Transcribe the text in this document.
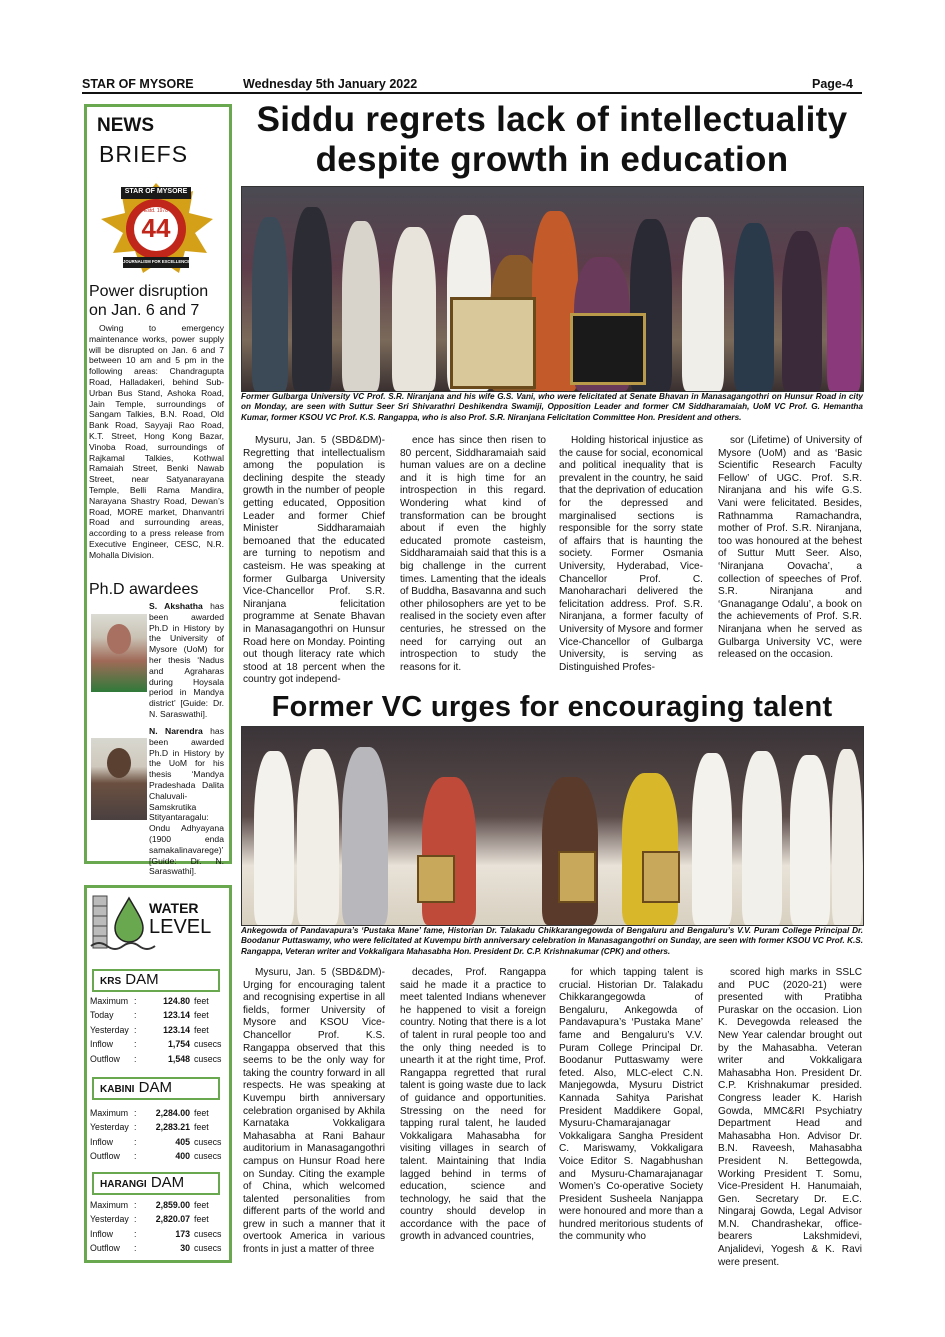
STAR OF MYSORE	Wednesday 5th January 2022	Page-4
NEWS
BRIEFS
STAR OF MYSORE
Estd. 1978
44
JOURNALISM FOR EXCELLENCE
Power disruption
on Jan. 6 and 7
Owing to emergency maintenance works, power supply will be disrupted on Jan. 6 and 7 between 10 am and 5 pm in the following areas: Chandragupta Road, Halladakeri, behind Sub-Urban Bus Stand, Ashoka Road, Jain Temple, surroundings of Sangam Talkies, B.N. Road, Old Bank Road, Sayyaji Rao Road, K.T. Street, Hong Kong Bazar, Vinoba Road, surroundings of Rajkamal Talkies, Kothwal Ramaiah Street, Benki Nawab Street, near Satyanarayana Temple, Belli Rama Mandira, Narayana Shastry Road, Dewan’s Road, MORE market, Dhanvantri Road and surrounding areas, according to a press release from Executive Engineer, CESC, N.R. Mohalla Division.
Ph.D awardees
S. Akshatha has been awarded Ph.D in History by the University of Mysore (UoM) for her thesis ‘Nadus and Agraharas during Hoysala period in Mandya district’ [Guide: Dr. N. Saraswathi].
N. Narendra has been awarded Ph.D in History by the UoM for his thesis ‘Mandya Pradeshada Dalita Chaluvali-Samskrutika Stityantaragalu: Ondu Adhyayana (1900 enda samakalinavarege)’ [Guide: Dr. N. Saraswathi].
WATER
LEVEL
KRS DAM
Maximum :	124.80 feet
Today	:	123.14 feet
Yesterday :	123.14 feet
Inflow	:	1,754 cusecs
Outflow	:	1,548 cusecs
KABINI DAM
Maximum :	2,284.00 feet
Yesterday :	2,283.21 feet
Inflow	:	405 cusecs
Outflow	:	400 cusecs
HARANGI DAM
Maximum :	2,859.00 feet
Yesterday :	2,820.07 feet
Inflow	:	173 cusecs
Outflow	:	30 cusecs
Siddu regrets lack of intellectuality
despite growth in education
Former Gulbarga University VC Prof. S.R. Niranjana and his wife G.S. Vani, who were felicitated at Senate Bhavan in Manasagangothri on Hunsur Road in city on Monday, are seen with Suttur Seer Sri Shivarathri Deshikendra Swamiji, Opposition Leader and former CM Siddharamaiah, UoM VC Prof. G. Hemantha Kumar, former KSOU VC Prof. K.S. Rangappa, who is also Prof. S.R. Niranjana Felicitation Committee Hon. President and others.

Mysuru, Jan. 5 (SBD&DM)- Regretting that intellectualism among the population is declining despite the steady growth in the number of people getting educated, Opposition Leader and former Chief Minister Siddharamaiah bemoaned that the educated are turning to nepotism and casteism. He was speaking at former Gulbarga University Vice-Chancellor Prof. S.R. Niranjana felicitation programme at Senate Bhavan in Manasagangothri on Hunsur Road here on Monday. Pointing out though literacy rate which stood at 18 percent when the country got independ-

ence has since then risen to 80 percent, Siddharamaiah said human values are on a decline and it is high time for an introspection in this regard. Wondering what kind of transformation can be brought about if even the highly educated promote casteism, Siddharamaiah said that this is a big challenge in the current times. Lamenting that the ideals of Buddha, Basavanna and such other philosophers are yet to be realised in the society even after centuries, he stressed on the need for carrying out an introspection to study the reasons for it.

Holding historical injustice as the cause for social, economical and political inequality that is prevalent in the country, he said that the deprivation of education for the depressed and marginalised sections is responsible for the sorry state of affairs that is haunting the society. Former Osmania University, Hyderabad, Vice-Chancellor Prof. C. Manoharachari delivered the felicitation address. Prof. S.R. Niranjana, a former faculty of University of Mysore and former Vice-Chancellor of Gulbarga University, is serving as Distinguished Profes-

sor (Lifetime) of University of Mysore (UoM) and as ‘Basic Scientific Research Faculty Fellow’ of UGC. Prof. S.R. Niranjana and his wife G.S. Vani were felicitated. Besides, Rathnamma Ramachandra, mother of Prof. S.R. Niranjana, too was honoured at the behest of Suttur Mutt Seer. Also, ‘Niranjana Oovacha’, a collection of speeches of Prof. S.R. Niranjana and ‘Gnanagange Odalu’, a book on the achievements of Prof. S.R. Niranjana when he served as Gulbarga University VC, were released on the occasion.

Former VC urges for encouraging talent
Ankegowda of Pandavapura’s ‘Pustaka Mane’ fame, Historian Dr. Talakadu Chikkarangegowda of Bengaluru and Bengaluru’s V.V. Puram College Principal Dr. Boodanur Puttaswamy, who were felicitated at Kuvempu birth anniversary celebration in Manasagangothri on Sunday, are seen with former KSOU VC Prof. K.S. Rangappa, Veteran writer and Vokkaligara Mahasabha Hon. President Dr. C.P. Krishnakumar (CPK) and others.

Mysuru, Jan. 5 (SBD&DM)- Urging for encouraging talent and recognising expertise in all fields, former University of Mysore and KSOU Vice-Chancellor Prof. K.S. Rangappa observed that this seems to be the only way for taking the country forward in all respects. He was speaking at Kuvempu birth anniversary celebration organised by Akhila Karnataka Vokkaligara Mahasabha at Rani Bahaur auditorium in Manasagangothri campus on Hunsur Road here on Sunday. Citing the example of China, which welcomed talented personalities from different parts of the world and grew in such a manner that it overtook America in various fronts in just a matter of three

decades, Prof. Rangappa said he made it a practice to meet talented Indians whenever he happened to visit a foreign country. Noting that there is a lot of talent in rural people too and the only thing needed is to unearth it at the right time, Prof. Rangappa regretted that rural talent is going waste due to lack of guidance and opportunities. Stressing on the need for tapping rural talent, he lauded Vokkaligara Mahasabha for visiting villages in search of talent. Maintaining that India lagged behind in terms of education, science and technology, he said that the country should develop in accordance with the pace of growth in advanced countries,

for which tapping talent is crucial. Historian Dr. Talakadu Chikkarangegowda of Bengaluru, Ankegowda of Pandavapura’s ‘Pustaka Mane’ fame and Bengaluru’s V.V. Puram College Principal Dr. Boodanur Puttaswamy were feted. Also, MLC-elect C.N. Manjegowda, Mysuru District Kannada Sahitya Parishat President Maddikere Gopal, Mysuru-Chamarajanagar Vokkaligara Sangha President C. Mariswamy, Vokkaligara Voice Editor S. Nagabhushan and Mysuru-Chamarajanagar Women’s Co-operative Society President Susheela Nanjappa were honoured and more than a hundred meritorious students of the community who

scored high marks in SSLC and PUC (2020-21) were presented with Pratibha Puraskar on the occasion. Lion K. Devegowda released the New Year calendar brought out by the Mahasabha. Veteran writer and Vokkaligara Mahasabha Hon. President Dr. C.P. Krishnakumar presided. Congress leader K. Harish Gowda, MMC&RI Psychiatry Department Head and Mahasabha Hon. Advisor Dr. B.N. Raveesh, Mahasabha President N. Bettegowda, Working President T. Somu, Vice-President H. Hanumaiah, Gen. Secretary Dr. E.C. Ningaraj Gowda, Legal Advisor M.N. Chandrashekar, office-bearers Lakshmidevi, Anjalidevi, Yogesh & K. Ravi were present.
